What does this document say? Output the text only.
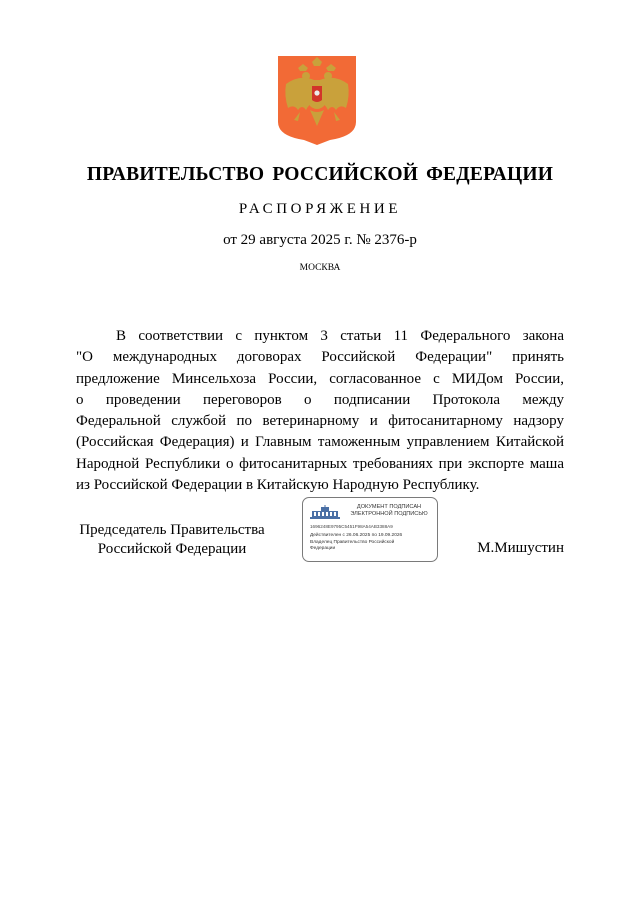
ПРАВИТЕЛЬСТВО РОССИЙСКОЙ ФЕДЕРАЦИИ
РАСПОРЯЖЕНИЕ
от 29 августа 2025 г. № 2376-р
МОСКВА
В соответствии с пунктом 3 статьи 11 Федерального закона
"О международных договорах Российской Федерации" принять
предложение Минсельхоза России, согласованное с МИДом России,
о проведении переговоров о подписании Протокола между
Федеральной службой по ветеринарному и фитосанитарному надзору
(Российская Федерация) и Главным таможенным управлением Китайской
Народной Республики о фитосанитарных требованиях при экспорте маша
из Российской Федерации в Китайскую Народную Республику.
Председатель Правительства
Российской Федерации
ДОКУМЕНТ ПОДПИСАН
ЭЛЕКТРОННОЙ ПОДПИСЬЮ
1696248E9795C5451F98A54AB3388A9
Действителен с 26.06.2025 по 19.09.2026
Владелец Правительство Российской Федерации	М.Мишустин
